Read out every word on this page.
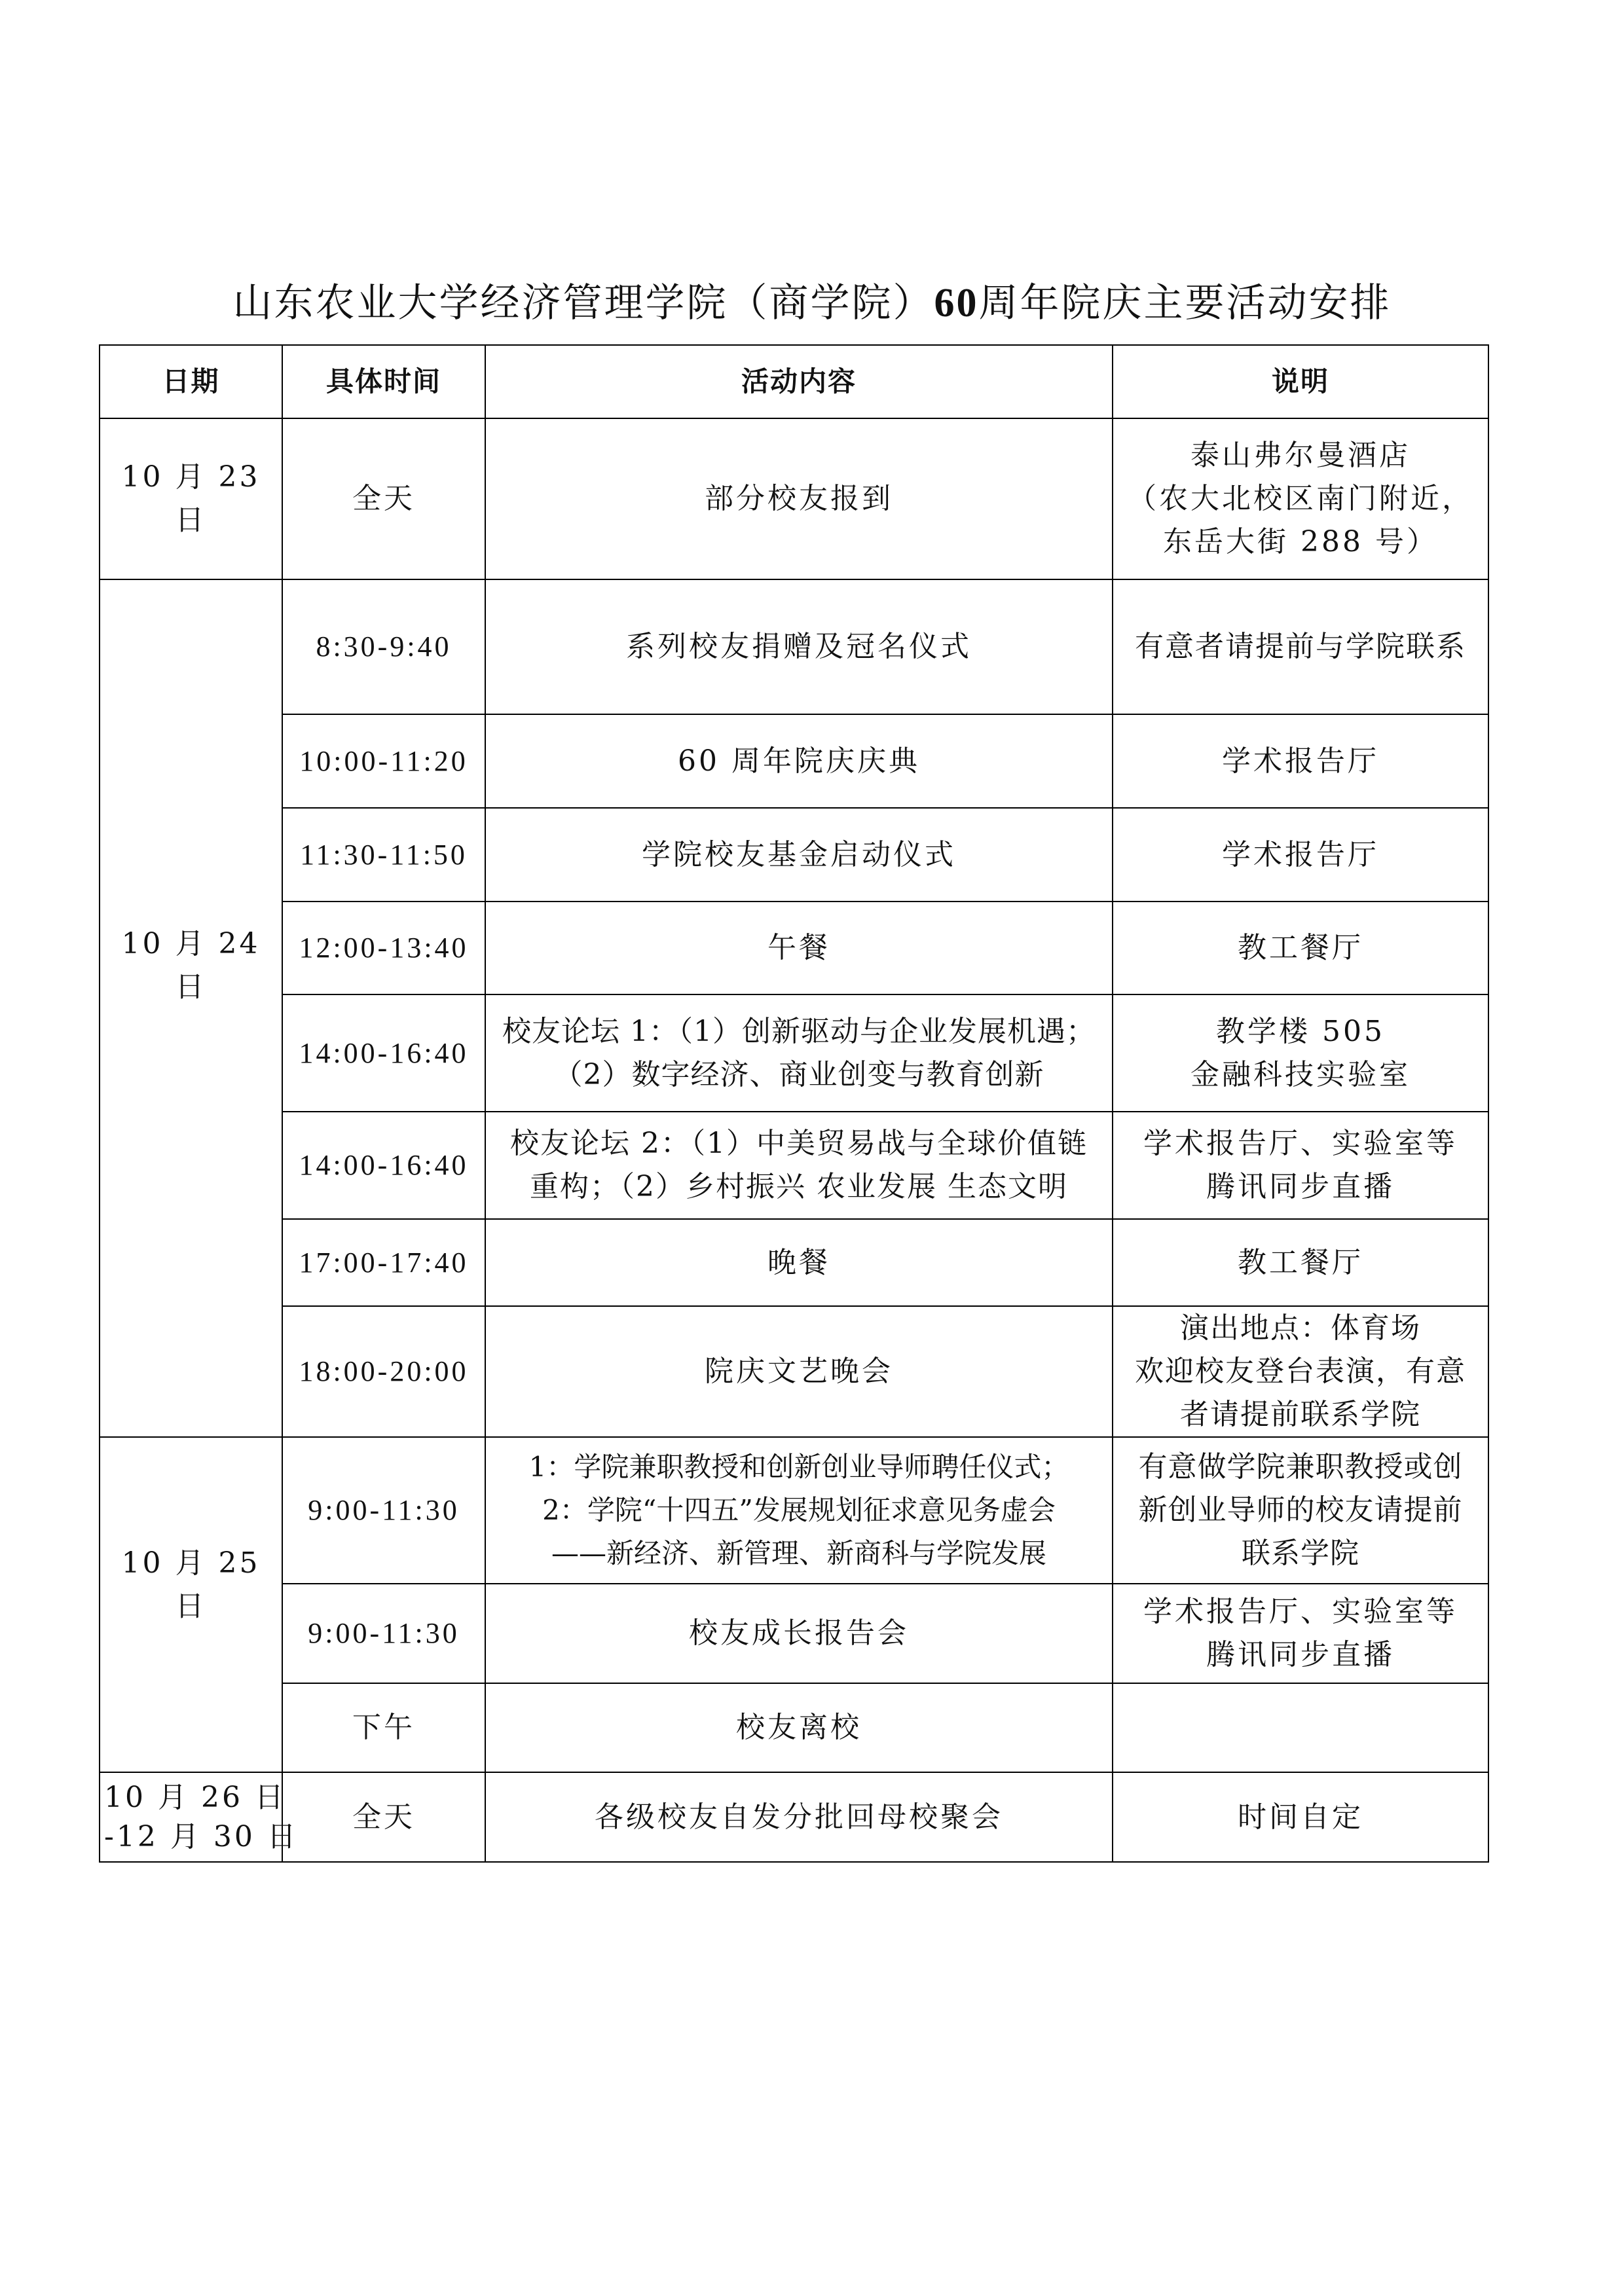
山东农业大学经济管理学院（商学院）60周年院庆主要活动安排
日期	具体时间	活动内容	说明
10 月 23 日	全天	部分校友报到	泰山弗尔曼酒店
（农大北校区南门附近，
东岳大街 288 号）

10 月 24 日	8:30-9:40	系列校友捐赠及冠名仪式	有意者请提前与学院联系

	10:00-11:20	60 周年院庆庆典	学术报告厅

	11:30-11:50	学院校友基金启动仪式	学术报告厅

	12:00-13:40	午餐	教工餐厅

	14:00-16:40	校友论坛 1：（1）创新驱动与企业发展机遇；
（2）数字经济、商业创变与教育创新	教学楼 505
金融科技实验室

	14:00-16:40	校友论坛 2：（1）中美贸易战与全球价值链
重构；（2）乡村振兴 农业发展 生态文明	学术报告厅、实验室等
腾讯同步直播

	17:00-17:40	晚餐	教工餐厅

	18:00-20:00	院庆文艺晚会	演出地点：体育场
欢迎校友登台表演，有意
者请提前联系学院

10 月 25 日	9:00-11:30	1：学院兼职教授和创新创业导师聘任仪式；
2：学院“十四五”发展规划征求意见务虚会
——新经济、新管理、新商科与学院发展	有意做学院兼职教授或创
新创业导师的校友请提前
联系学院

	9:00-11:30	校友成长报告会	学术报告厅、实验室等
腾讯同步直播

	下午	校友离校	

10 月 26 日
-12 月 30 日	全天	各级校友自发分批回母校聚会	时间自定
